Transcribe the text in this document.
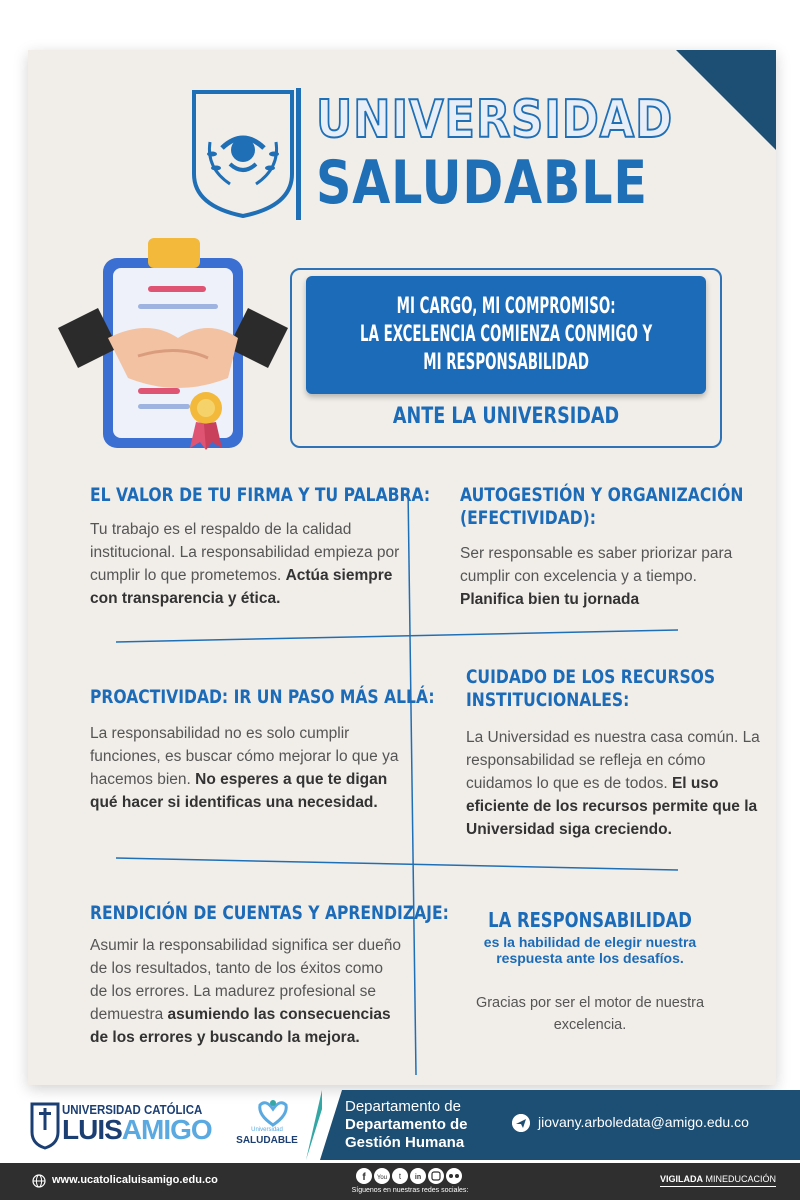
UNIVERSIDAD
SALUDABLE
MI CARGO, MI COMPROMISO:
LA EXCELENCIA COMIENZA CONMIGO Y
MI RESPONSABILIDAD
ANTE LA UNIVERSIDAD
EL VALOR DE TU FIRMA Y TU PALABRA:
Tu trabajo es el respaldo de la calidad institucional. La responsabilidad empieza por cumplir lo que prometemos. Actúa siempre con transparencia y ética.
AUTOGESTIÓN Y ORGANIZACIÓN
(EFECTIVIDAD):
Ser responsable es saber priorizar para cumplir con excelencia y a tiempo. Planifica bien tu jornada
PROACTIVIDAD: IR UN PASO MÁS ALLÁ:
La responsabilidad no es solo cumplir funciones, es buscar cómo mejorar lo que ya hacemos bien. No esperes a que te digan qué hacer si identificas una necesidad.
CUIDADO DE LOS RECURSOS
INSTITUCIONALES:
La Universidad es nuestra casa común. La responsabilidad se refleja en cómo cuidamos lo que es de todos. El uso eficiente de los recursos permite que la Universidad siga creciendo.
RENDICIÓN DE CUENTAS Y APRENDIZAJE:
Asumir la responsabilidad significa ser dueño de los resultados, tanto de los éxitos como de los errores. La madurez profesional se demuestra asumiendo las consecuencias de los errores y buscando la mejora.
LA RESPONSABILIDAD
es la habilidad de elegir nuestra respuesta ante los desafíos.
Gracias por ser el motor de nuestra excelencia.
UNIVERSIDAD CATÓLICA
LUISAMIGO	Universidad
SALUDABLE
Departamento de
Departamento de
Gestión Humana
jiovany.arboledata@amigo.edu.co
www.ucatolicaluisamigo.edu.co	f You t in
Síguenos en nuestras redes sociales:
VIGILADA MINEDUCACIÓN
